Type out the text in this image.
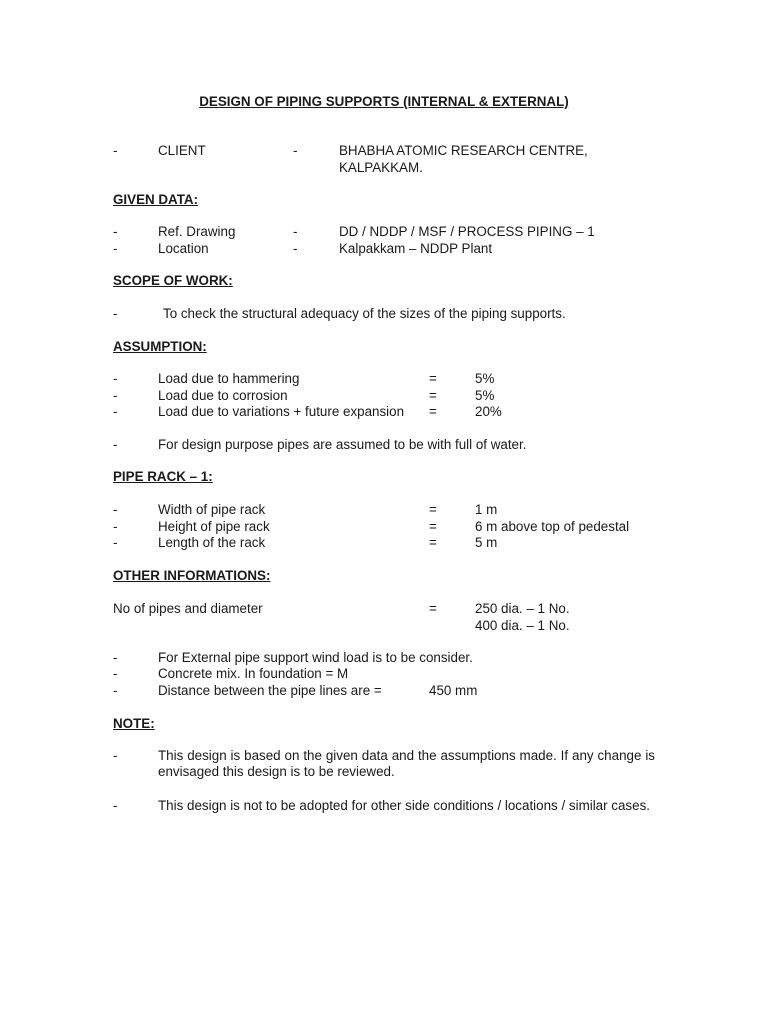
DESIGN OF PIPING SUPPORTS (INTERNAL & EXTERNAL)
-	CLIENT	-	BHABHA ATOMIC RESEARCH CENTRE,
KALPAKKAM.
GIVEN DATA:
-	Ref. Drawing	-	DD / NDDP / MSF / PROCESS PIPING – 1
-	Location	-	Kalpakkam – NDDP Plant
SCOPE OF WORK:
-	To check the structural adequacy of the sizes of the piping supports.
ASSUMPTION:
-	Load due to hammering	=	5%
-	Load due to corrosion	=	5%
-	Load due to variations + future expansion =	20%
-	For design purpose pipes are assumed to be with full of water.
PIPE RACK – 1:
-	Width of pipe rack	=	1 m
-	Height of pipe rack	=	6 m above top of pedestal
-	Length of the rack	=	5 m
OTHER INFORMATIONS:
No of pipes and diameter	=	250 dia. – 1 No.
400 dia. – 1 No.
-	For External pipe support wind load is to be consider.
-	Concrete mix. In foundation = M
-	Distance between the pipe lines are =	450 mm
NOTE:
-	This design is based on the given data and the assumptions made. If any change is envisaged this design is to be reviewed.
-	This design is not to be adopted for other side conditions / locations / similar cases.
